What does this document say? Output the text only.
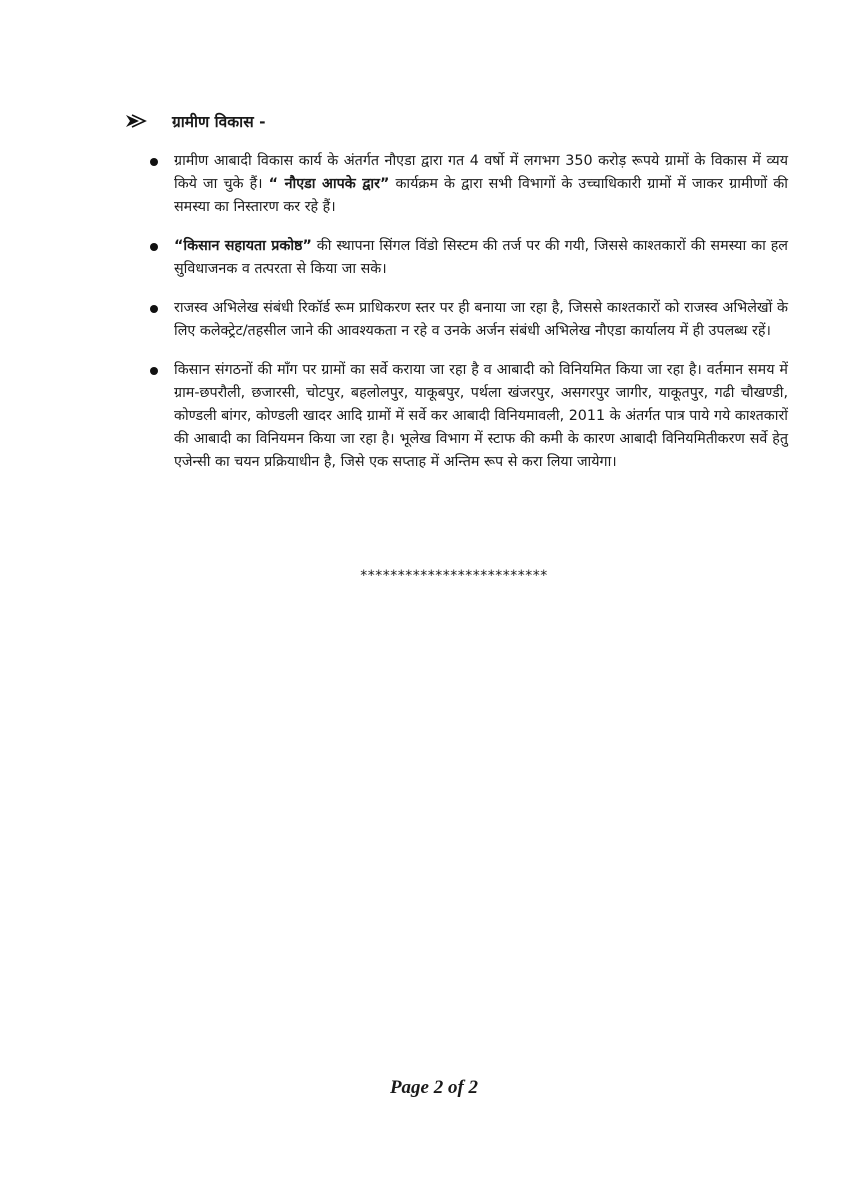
ग्रामीण विकास -

ग्रामीण आबादी विकास कार्य के अंतर्गत नौएडा द्वारा गत 4 वर्षो में लगभग 350 करोड़ रूपये ग्रामों के विकास में व्यय किये जा चुके हैं। “ नौएडा आपके द्वार” कार्यक्रम के द्वारा सभी विभागों के उच्चाधिकारी ग्रामों में जाकर ग्रामीणों की समस्या का निस्तारण कर रहे हैं।

“किसान सहायता प्रकोष्ठ” की स्थापना सिंगल विंडो सिस्टम की तर्ज पर की गयी, जिससे काश्तकारों की समस्या का हल सुविधाजनक व तत्परता से किया जा सके।

राजस्व अभिलेख संबंधी रिकॉर्ड रूम प्राधिकरण स्तर पर ही बनाया जा रहा है, जिससे काश्तकारों को राजस्व अभिलेखों के लिए कलेक्ट्रेट/तहसील जाने की आवश्यकता न रहे व उनके अर्जन संबंधी अभिलेख नौएडा कार्यालय में ही उपलब्ध रहें।

किसान संगठनों की माँग पर ग्रामों का सर्वे कराया जा रहा है व आबादी को विनियमित किया जा रहा है। वर्तमान समय में ग्राम-छपरौली, छजारसी, चोटपुर, बहलोलपुर, याकूबपुर, पर्थला खंजरपुर, असगरपुर जागीर, याकूतपुर, गढी चौखण्डी, कोण्डली बांगर, कोण्डली खादर आदि ग्रामों में सर्वे कर आबादी विनियमावली, 2011 के अंतर्गत पात्र पाये गये काश्तकारों की आबादी का विनियमन किया जा रहा है। भूलेख विभाग में स्टाफ की कमी के कारण आबादी विनियमितीकरण सर्वे हेतु एजेन्सी का चयन प्रक्रियाधीन है, जिसे एक सप्ताह में अन्तिम रूप से करा लिया जायेगा।

*************************
Page 2 of 2
